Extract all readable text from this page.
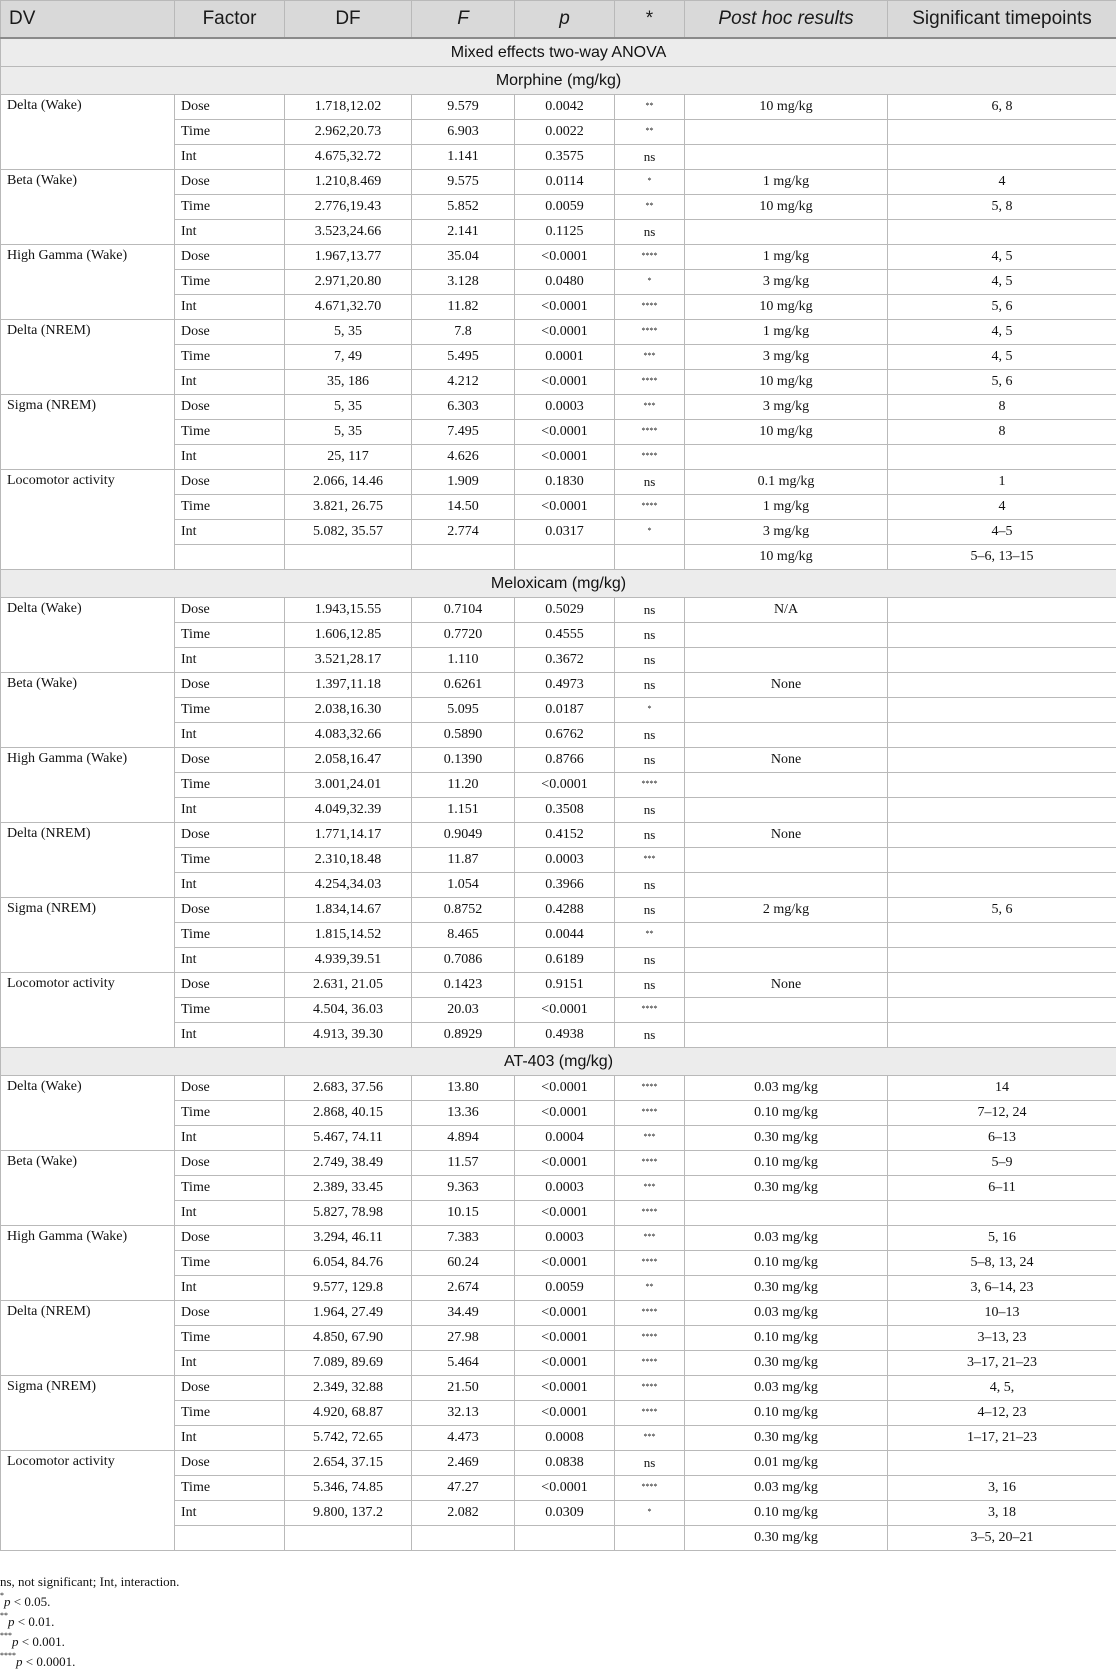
DV	Factor	DF	F	p	*	Post hoc results	Significant timepoints
Mixed effects two-way ANOVA							
Morphine (mg/kg)							
Delta (Wake)	Dose	1.718,12.02	9.579	0.0042	**	10 mg/kg	6, 8
	Time	2.962,20.73	6.903	0.0022	**		
	Int	4.675,32.72	1.141	0.3575	ns		
Beta (Wake)	Dose	1.210,8.469	9.575	0.0114	*	1 mg/kg	4
	Time	2.776,19.43	5.852	0.0059	**	10 mg/kg	5, 8
	Int	3.523,24.66	2.141	0.1125	ns		
High Gamma (Wake)	Dose	1.967,13.77	35.04	<0.0001	****	1 mg/kg	4, 5
	Time	2.971,20.80	3.128	0.0480	*	3 mg/kg	4, 5
	Int	4.671,32.70	11.82	<0.0001	****	10 mg/kg	5, 6
Delta (NREM)	Dose	5, 35	7.8	<0.0001	****	1 mg/kg	4, 5
	Time	7, 49	5.495	0.0001	***	3 mg/kg	4, 5
	Int	35, 186	4.212	<0.0001	****	10 mg/kg	5, 6
Sigma (NREM)	Dose	5, 35	6.303	0.0003	***	3 mg/kg	8
	Time	5, 35	7.495	<0.0001	****	10 mg/kg	8
	Int	25, 117	4.626	<0.0001	****		
Locomotor activity	Dose	2.066, 14.46	1.909	0.1830	ns	0.1 mg/kg	1
	Time	3.821, 26.75	14.50	<0.0001	****	1 mg/kg	4
	Int	5.082, 35.57	2.774	0.0317	*	3 mg/kg	4–5
						10 mg/kg	5–6, 13–15
Meloxicam (mg/kg)							
Delta (Wake)	Dose	1.943,15.55	0.7104	0.5029	ns	N/A	
	Time	1.606,12.85	0.7720	0.4555	ns		
	Int	3.521,28.17	1.110	0.3672	ns		
Beta (Wake)	Dose	1.397,11.18	0.6261	0.4973	ns	None	
	Time	2.038,16.30	5.095	0.0187	*		
	Int	4.083,32.66	0.5890	0.6762	ns		
High Gamma (Wake)	Dose	2.058,16.47	0.1390	0.8766	ns	None	
	Time	3.001,24.01	11.20	<0.0001	****		
	Int	4.049,32.39	1.151	0.3508	ns		
Delta (NREM)	Dose	1.771,14.17	0.9049	0.4152	ns	None	
	Time	2.310,18.48	11.87	0.0003	***		
	Int	4.254,34.03	1.054	0.3966	ns		
Sigma (NREM)	Dose	1.834,14.67	0.8752	0.4288	ns	2 mg/kg	5, 6
	Time	1.815,14.52	8.465	0.0044	**		
	Int	4.939,39.51	0.7086	0.6189	ns		
Locomotor activity	Dose	2.631, 21.05	0.1423	0.9151	ns	None	
	Time	4.504, 36.03	20.03	<0.0001	****		
	Int	4.913, 39.30	0.8929	0.4938	ns		
AT-403 (mg/kg)							
Delta (Wake)	Dose	2.683, 37.56	13.80	<0.0001	****	0.03 mg/kg	14
	Time	2.868, 40.15	13.36	<0.0001	****	0.10 mg/kg	7–12, 24
	Int	5.467, 74.11	4.894	0.0004	***	0.30 mg/kg	6–13
Beta (Wake)	Dose	2.749, 38.49	11.57	<0.0001	****	0.10 mg/kg	5–9
	Time	2.389, 33.45	9.363	0.0003	***	0.30 mg/kg	6–11
	Int	5.827, 78.98	10.15	<0.0001	****		
High Gamma (Wake)	Dose	3.294, 46.11	7.383	0.0003	***	0.03 mg/kg	5, 16
	Time	6.054, 84.76	60.24	<0.0001	****	0.10 mg/kg	5–8, 13, 24
	Int	9.577, 129.8	2.674	0.0059	**	0.30 mg/kg	3, 6–14, 23
Delta (NREM)	Dose	1.964, 27.49	34.49	<0.0001	****	0.03 mg/kg	10–13
	Time	4.850, 67.90	27.98	<0.0001	****	0.10 mg/kg	3–13, 23
	Int	7.089, 89.69	5.464	<0.0001	****	0.30 mg/kg	3–17, 21–23
Sigma (NREM)	Dose	2.349, 32.88	21.50	<0.0001	****	0.03 mg/kg	4, 5,
	Time	4.920, 68.87	32.13	<0.0001	****	0.10 mg/kg	4–12, 23
	Int	5.742, 72.65	4.473	0.0008	***	0.30 mg/kg	1–17, 21–23
Locomotor activity	Dose	2.654, 37.15	2.469	0.0838	ns	0.01 mg/kg	
	Time	5.346, 74.85	47.27	<0.0001	****	0.03 mg/kg	3, 16
	Int	9.800, 137.2	2.082	0.0309	*	0.10 mg/kg	3, 18
						0.30 mg/kg	3–5, 20–21
ns, not significant; Int, interaction.
*p < 0.05.
**p < 0.01.
***p < 0.001.
****p < 0.0001.
